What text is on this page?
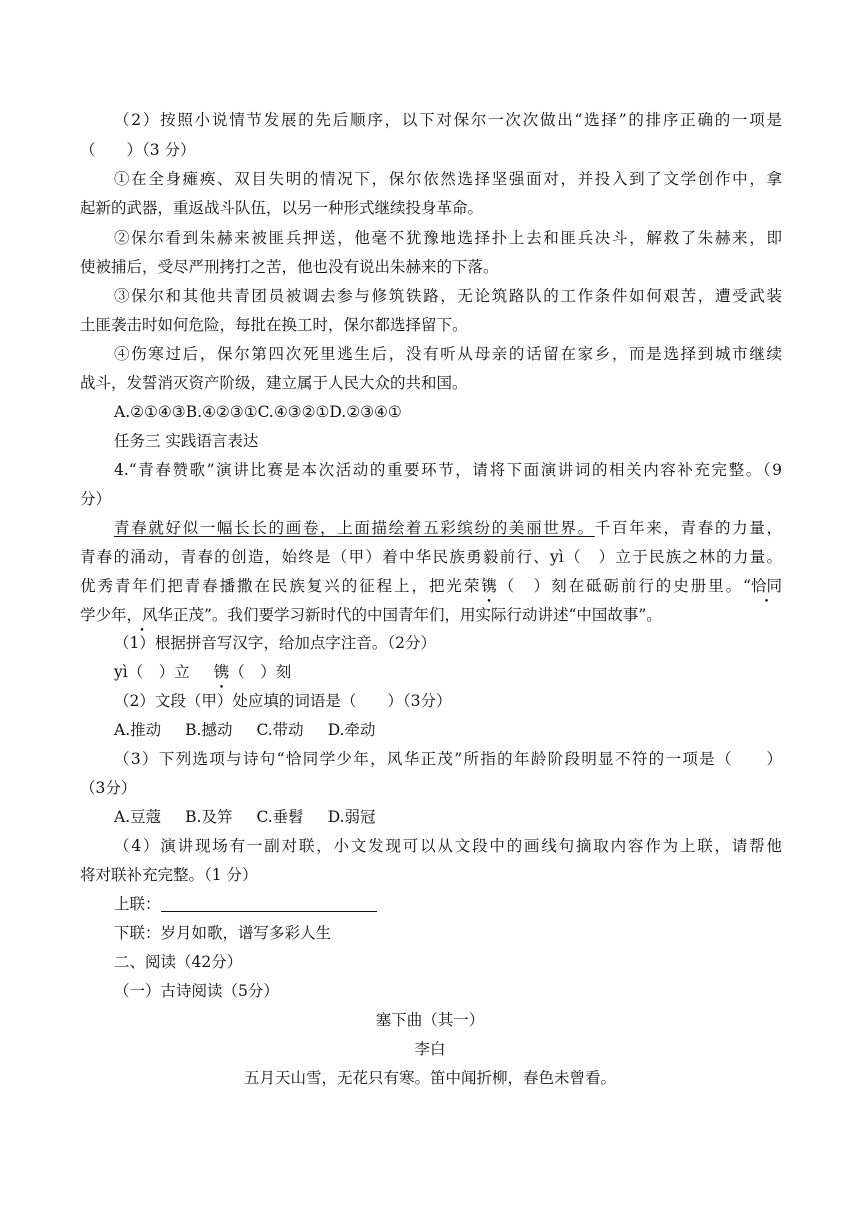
（2）按照小说情节发展的先后顺序，以下对保尔一次次做出“选择”的排序正确的一项是
（　　）（3 分）
①在全身瘫痪、双目失明的情况下，保尔依然选择坚强面对，并投入到了文学创作中，拿
起新的武器，重返战斗队伍，以另一种形式继续投身革命。
②保尔看到朱赫来被匪兵押送，他毫不犹豫地选择扑上去和匪兵决斗，解救了朱赫来，即
使被捕后，受尽严刑拷打之苦，他也没有说出朱赫来的下落。
③保尔和其他共青团员被调去参与修筑铁路，无论筑路队的工作条件如何艰苦，遭受武装
土匪袭击时如何危险，每批在换工时，保尔都选择留下。
④伤寒过后，保尔第四次死里逃生后，没有听从母亲的话留在家乡，而是选择到城市继续
战斗，发誓消灭资产阶级，建立属于人民大众的共和国。
A.②①④③B.④②③①C.④③②①D.②③④①
任务三 实践语言表达
4.“青春赞歌”演讲比赛是本次活动的重要环节，请将下面演讲词的相关内容补充完整。（9
分）
青春就好似一幅长长的画卷，上面描绘着五彩缤纷的美丽世界。千百年来，青春的力量，
青春的涌动，青春的创造，始终是（甲）着中华民族勇毅前行、yì（　）立于民族之林的力量。
优秀青年们把青春播撒在民族复兴的征程上，把光荣镌（　）刻在砥砺前行的史册里。“恰同
学少年，风华正茂 •”。我们要学习新时代的中国青年们，用实际行动讲述“中国故事”。
（1）根据拼音写汉字，给加点字注音。（2分）
yì（　）立 镌（　）刻
（2）文段（甲）处应填的词语是（　　）（3分）
A.推动 B.撼动 C.带动 D.牵动
（3）下列选项与诗句“恰同学少年，风华正茂”所指的年龄阶段明显不符的一项是（　　）
（3分）
A.豆蔻 B.及笄 C.垂髫 D.弱冠
（4）演讲现场有一副对联，小文发现可以从文段中的画线句摘取内容作为上联，请帮他
将对联补充完整。（1 分）
上联：
下联：岁月如歌，谱写多彩人生
二、阅读（42分）
（一）古诗阅读（5分）
塞下曲（其一）
李白
五月天山雪，无花只有寒。笛中闻折柳，春色未曾看。
